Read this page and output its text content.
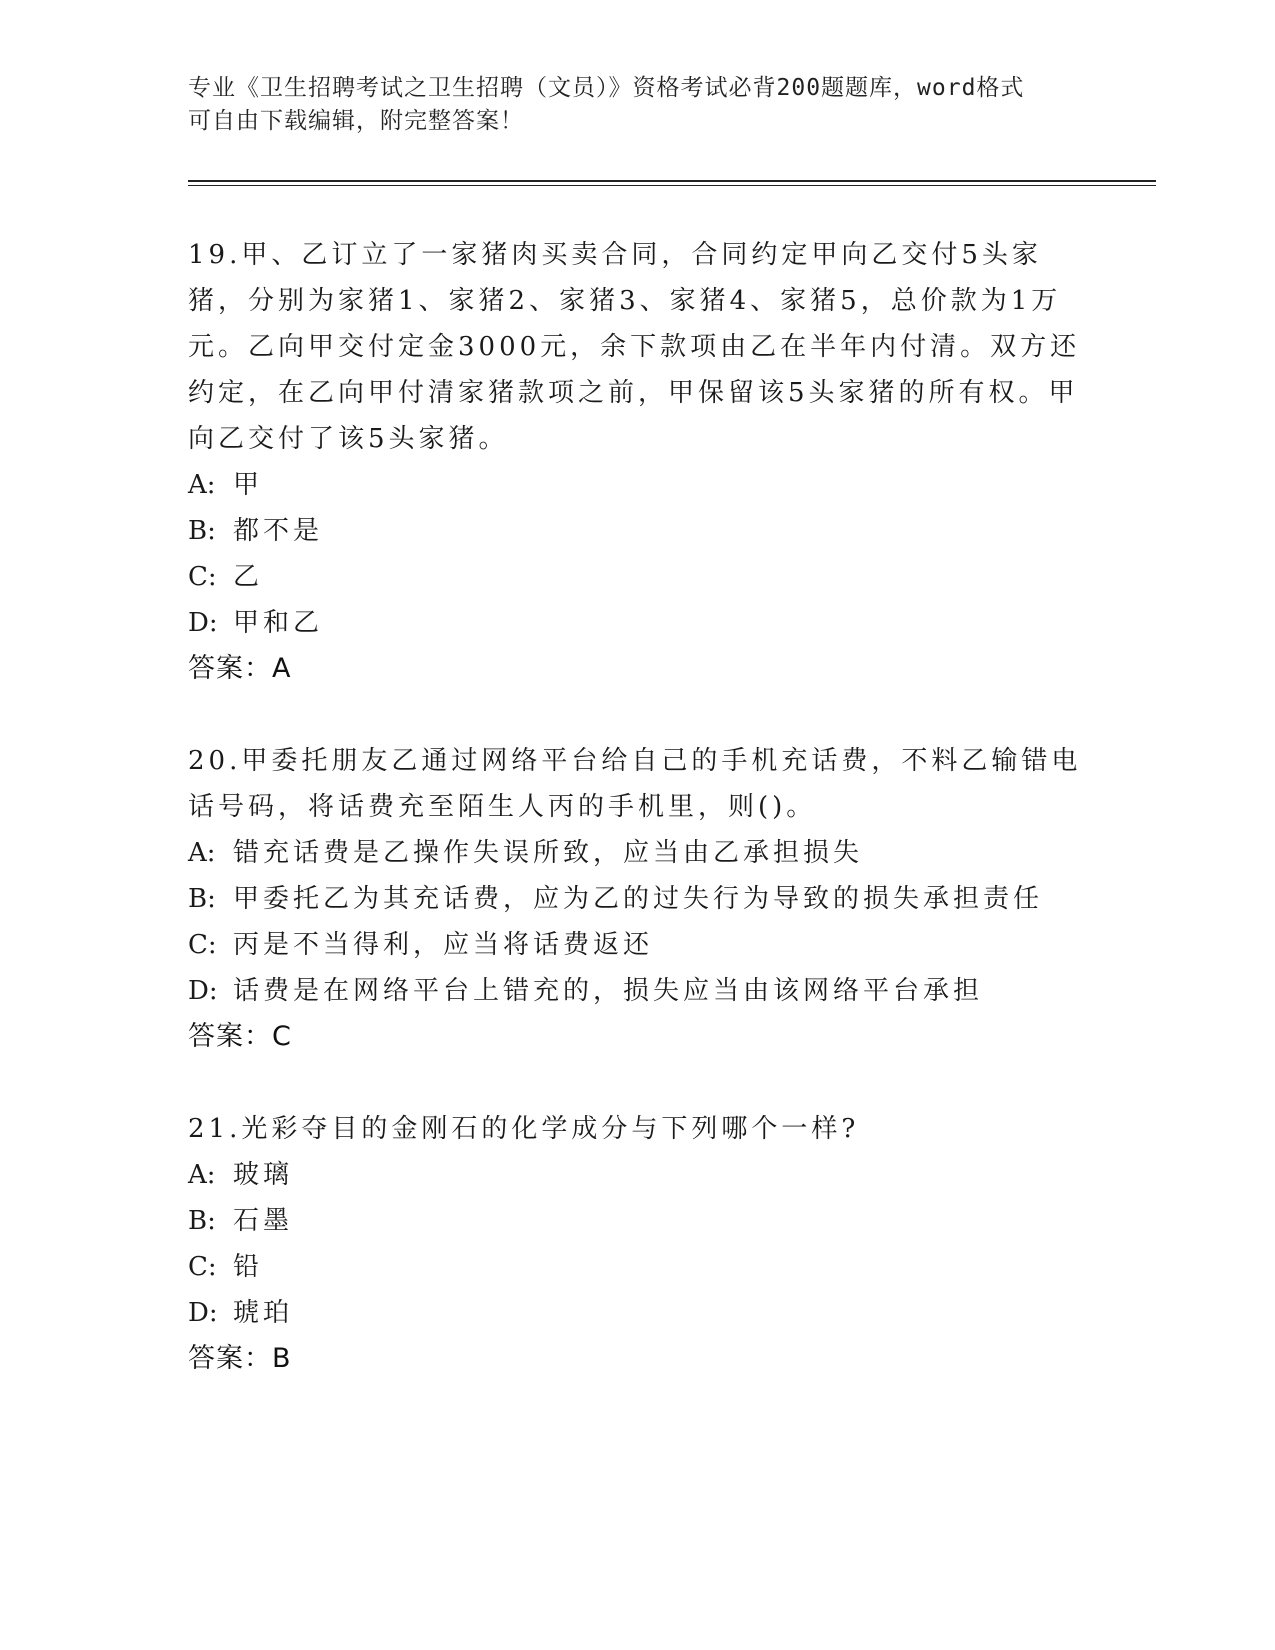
专业《卫生招聘考试之卫生招聘（文员）》资格考试必背200题题库，word格式
可自由下载编辑，附完整答案！
19.甲、乙订立了一家猪肉买卖合同，合同约定甲向乙交付5头家猪，分别为家猪1、家猪2、家猪3、家猪4、家猪5，总价款为1万元。乙向甲交付定金3000元，余下款项由乙在半年内付清。双方还约定，在乙向甲付清家猪款项之前，甲保留该5头家猪的所有权。甲向乙交付了该5头家猪。
A: 甲
B: 都不是
C: 乙
D: 甲和乙
答案：A
20.甲委托朋友乙通过网络平台给自己的手机充话费，不料乙输错电话号码，将话费充至陌生人丙的手机里，则()。
A: 错充话费是乙操作失误所致，应当由乙承担损失
B: 甲委托乙为其充话费，应为乙的过失行为导致的损失承担责任
C: 丙是不当得利，应当将话费返还
D: 话费是在网络平台上错充的，损失应当由该网络平台承担
答案：C
21.光彩夺目的金刚石的化学成分与下列哪个一样?
A: 玻璃
B: 石墨
C: 铅
D: 琥珀
答案：B
